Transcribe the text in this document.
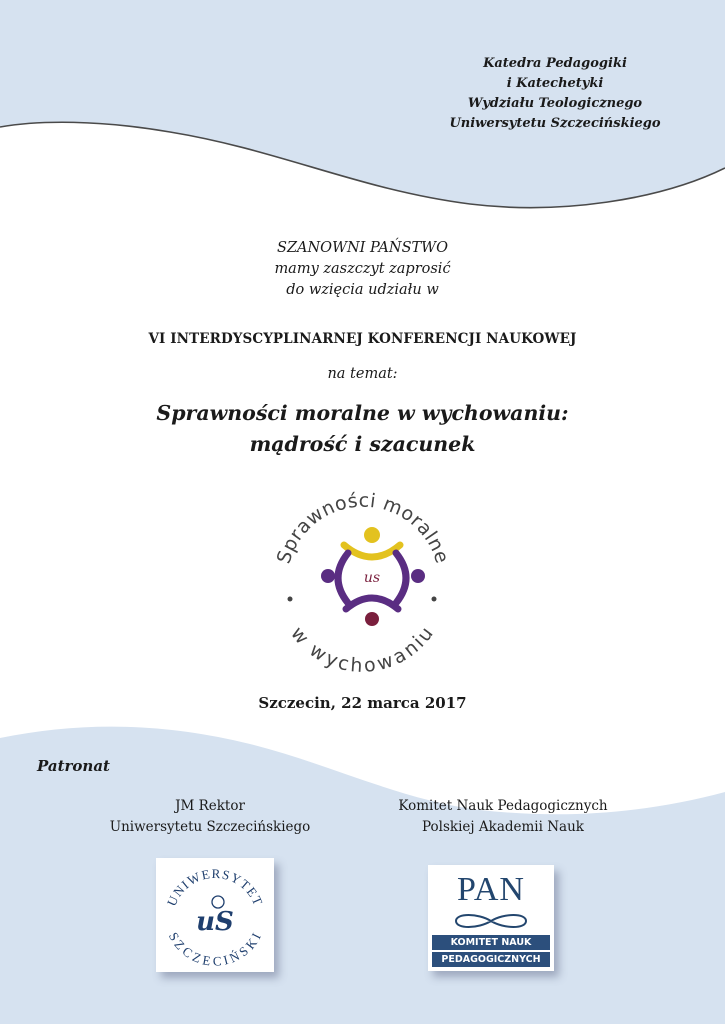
Katedra Pedagogiki
i Katechetyki
Wydziału Teologicznego
Uniwersytetu Szczecińskiego
SZANOWNI PAŃSTWO
mamy zaszczyt zaprosić
do wzięcia udziału w
VI INTERDYSCYPLINARNEJ KONFERENCJI NAUKOWEJ
na temat:
Sprawności moralne w wychowaniu:
mądrość i szacunek
Sprawności moralne
w wychowaniu
us
Szczecin, 22 marca 2017
Patronat
JM Rektor
Uniwersytetu Szczecińskiego
Komitet Nauk Pedagogicznych
Polskiej Akademii Nauk
UNIWERSYTET
SZCZECIŃSKI
uS
PAN
KOMITET NAUK
PEDAGOGICZNYCH
